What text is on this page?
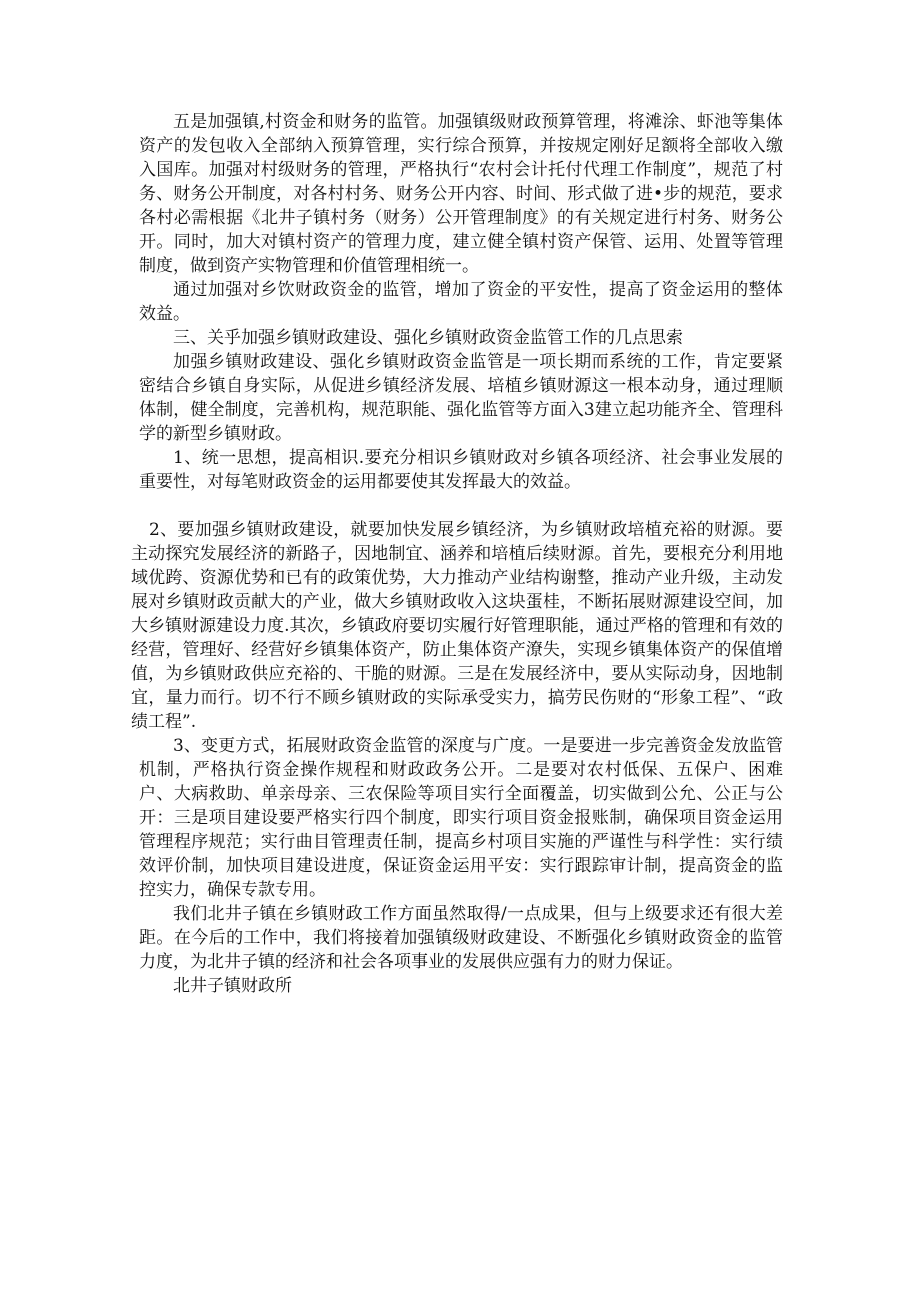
五是加强镇,村资金和财务的监管。加强镇级财政预算管理，将滩涂、虾池等集体资产的发包收入全部纳入预算管理，实行综合预算，并按规定刚好足额将全部收入缴入国库。加强对村级财务的管理，严格执行“农村会计托付代理工作制度”，规范了村务、财务公开制度，对各村村务、财务公开内容、时间、形式做了进•步的规范，要求各村必需根据《北井子镇村务（财务）公开管理制度》的有关规定进行村务、财务公开。同时，加大对镇村资产的管理力度，建立健全镇村资产保管、运用、处置等管理制度，做到资产实物管理和价值管理相统一。

通过加强对乡饮财政资金的监管，增加了资金的平安性，提高了资金运用的整体效益。

三、关乎加强乡镇财政建设、强化乡镇财政资金监管工作的几点思索

加强乡镇财政建设、强化乡镇财政资金监管是一项长期而系统的工作，肯定要紧密结合乡镇自身实际，从促进乡镇经济发展、培植乡镇财源这一根本动身，通过理顺体制，健全制度，完善机构，规范职能、强化监管等方面入3建立起功能齐全、管理科学的新型乡镇财政。

1、统一思想，提高相识.要充分相识乡镇财政对乡镇各项经济、社会事业发展的重要性，对每笔财政资金的运用都要使其发挥最大的效益。

2、要加强乡镇财政建设，就要加快发展乡镇经济，为乡镇财政培植充裕的财源。要主动探究发展经济的新路子，因地制宜、涵养和培植后续财源。首先，要根充分利用地域优跨、资源优势和已有的政策优势，大力推动产业结构谢整，推动产业升级，主动发展对乡镇财政贡献大的产业，做大乡镇财政收入这块蛋桂，不断拓展财源建设空间，加大乡镇财源建设力度.其次，乡镇政府要切实履行好管理职能，通过严格的管理和有效的经营，管理好、经营好乡镇集体资产，防止集体资产潦失，实现乡镇集体资产的保值增值，为乡镇财政供应充裕的、干脆的财源。三是在发展经济中，要从实际动身，因地制宜，量力而行。切不行不顾乡镇财政的实际承受实力，搞劳民伤财的“形象工程”、“政绩工程”.

3、变更方式，拓展财政资金监管的深度与广度。一是要进一步完善资金发放监管机制，严格执行资金操作规程和财政政务公开。二是要对农村低保、五保户、困难户、大病救助、单亲母亲、三农保险等项目实行全面覆盖，切实做到公允、公正与公开：三是项目建设要严格实行四个制度，即实行项目资金报账制，确保项目资金运用管理程序规范；实行曲目管理责任制，提高乡村项目实施的严谨性与科学性：实行绩效评价制，加快项目建设进度，保证资金运用平安：实行跟踪审计制，提高资金的监控实力，确保专款专用。

我们北井子镇在乡镇财政工作方面虽然取得/一点成果，但与上级要求还有很大差距。在今后的工作中，我们将接着加强镇级财政建设、不断强化乡镇财政资金的监管力度，为北井子镇的经济和社会各项事业的发展供应强有力的财力保证。

北井子镇财政所
